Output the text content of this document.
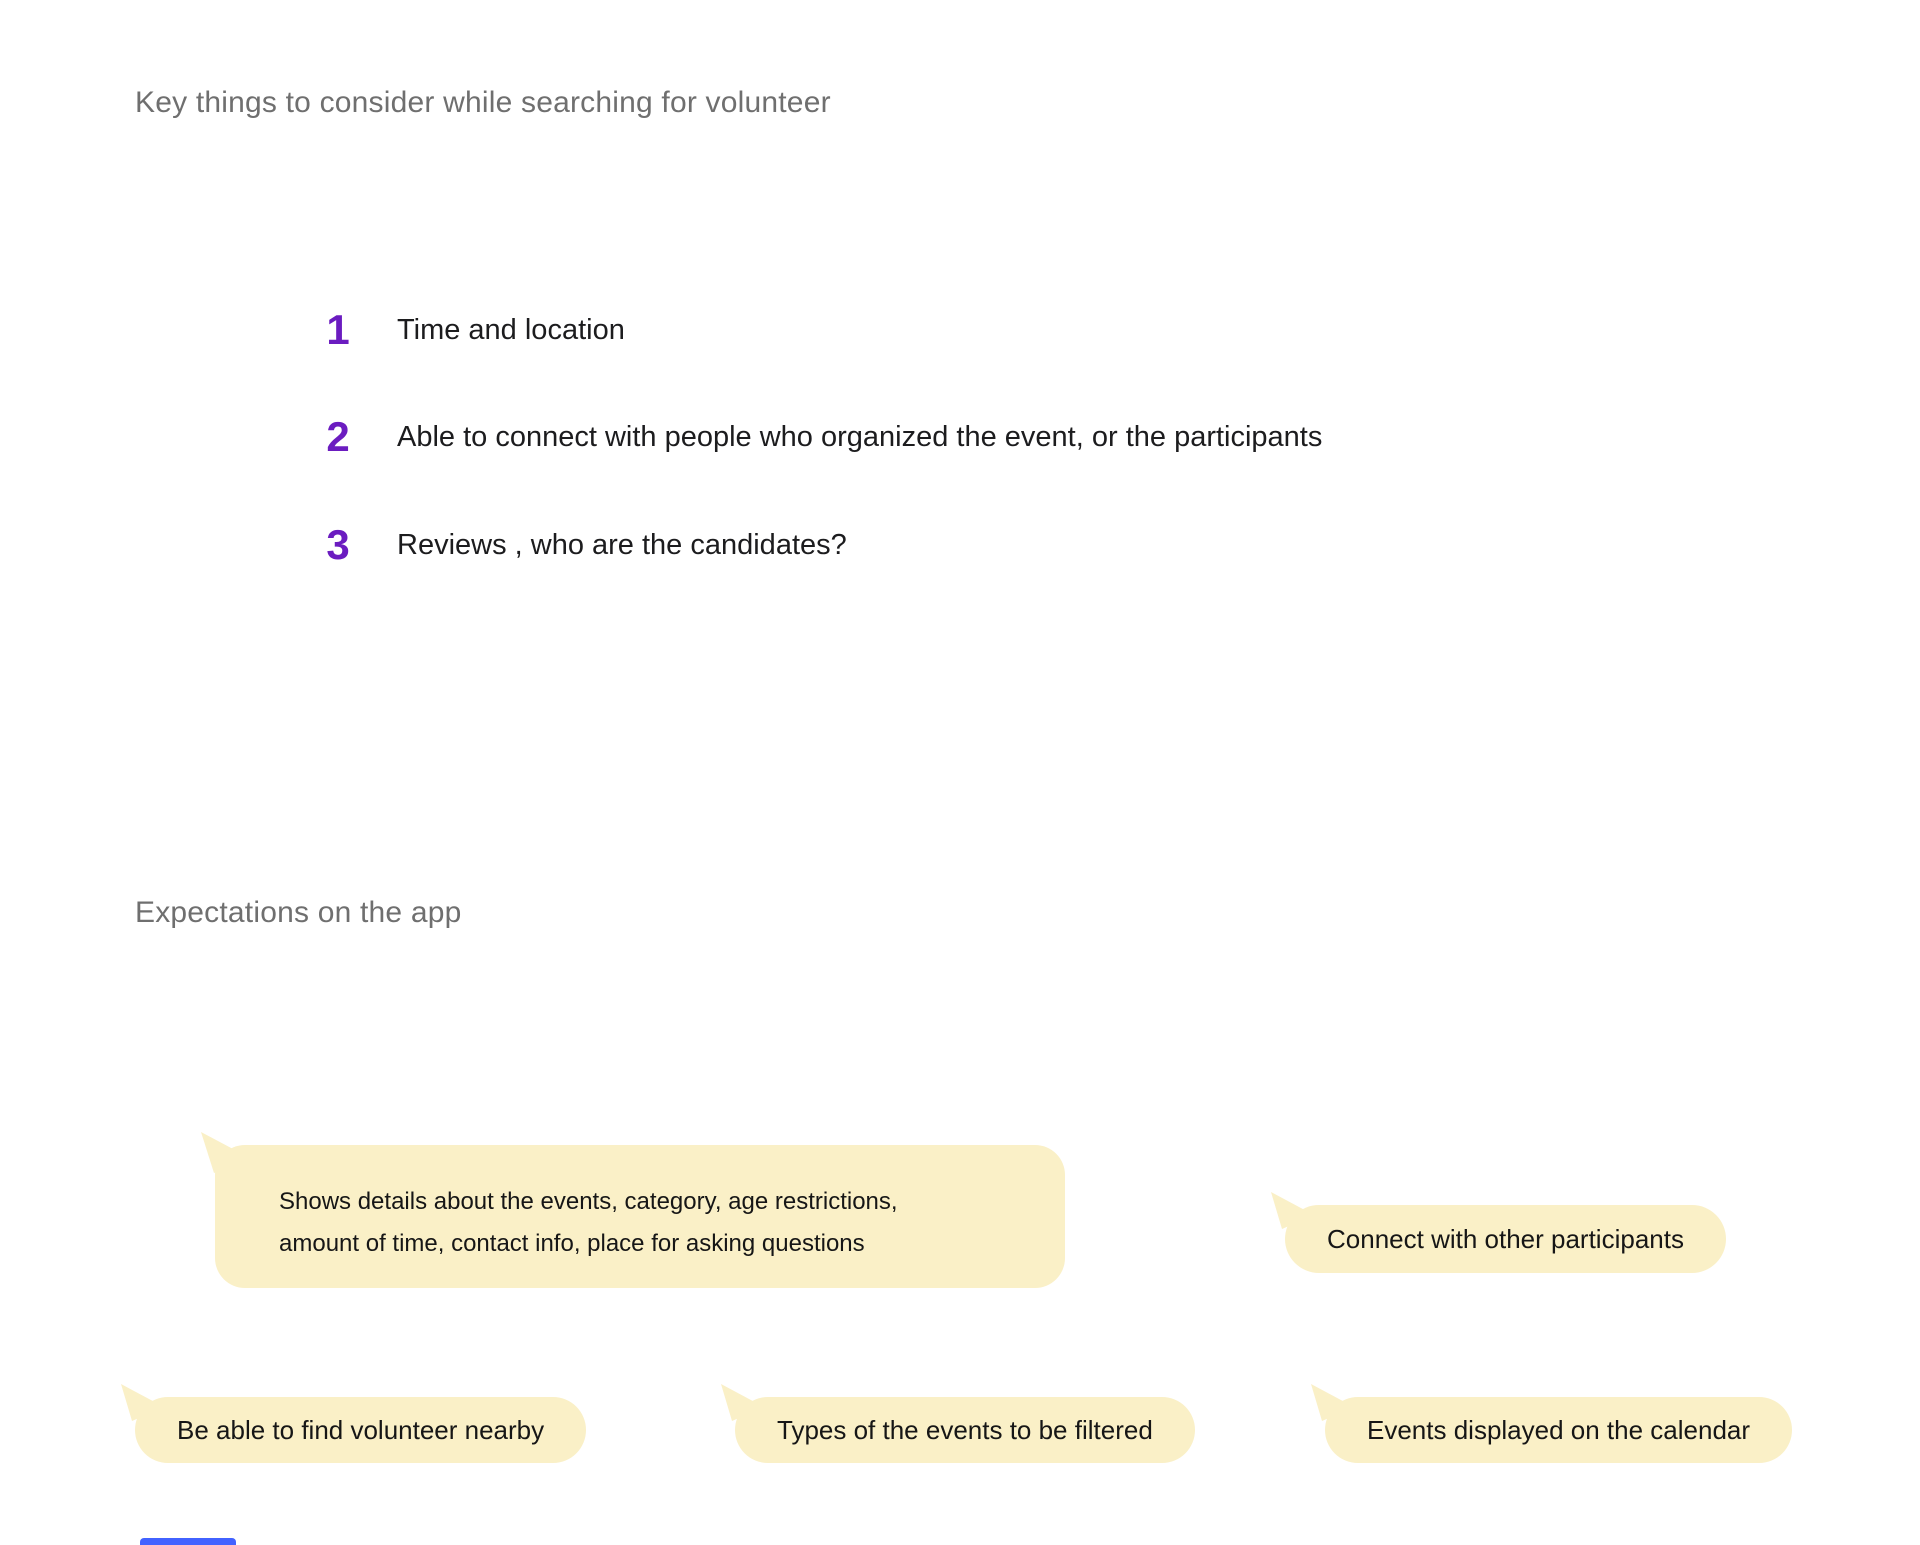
Key things to consider while searching for volunteer
1	Time and location
2	Able to connect with people who organized the event, or the participants
3	Reviews , who are the candidates?
Expectations on the app
Shows details about the events, category, age restrictions,
amount of time, contact info, place for asking questions	Connect with other participants
Be able to find volunteer nearby	Types of the events to be filtered	Events displayed on the calendar
